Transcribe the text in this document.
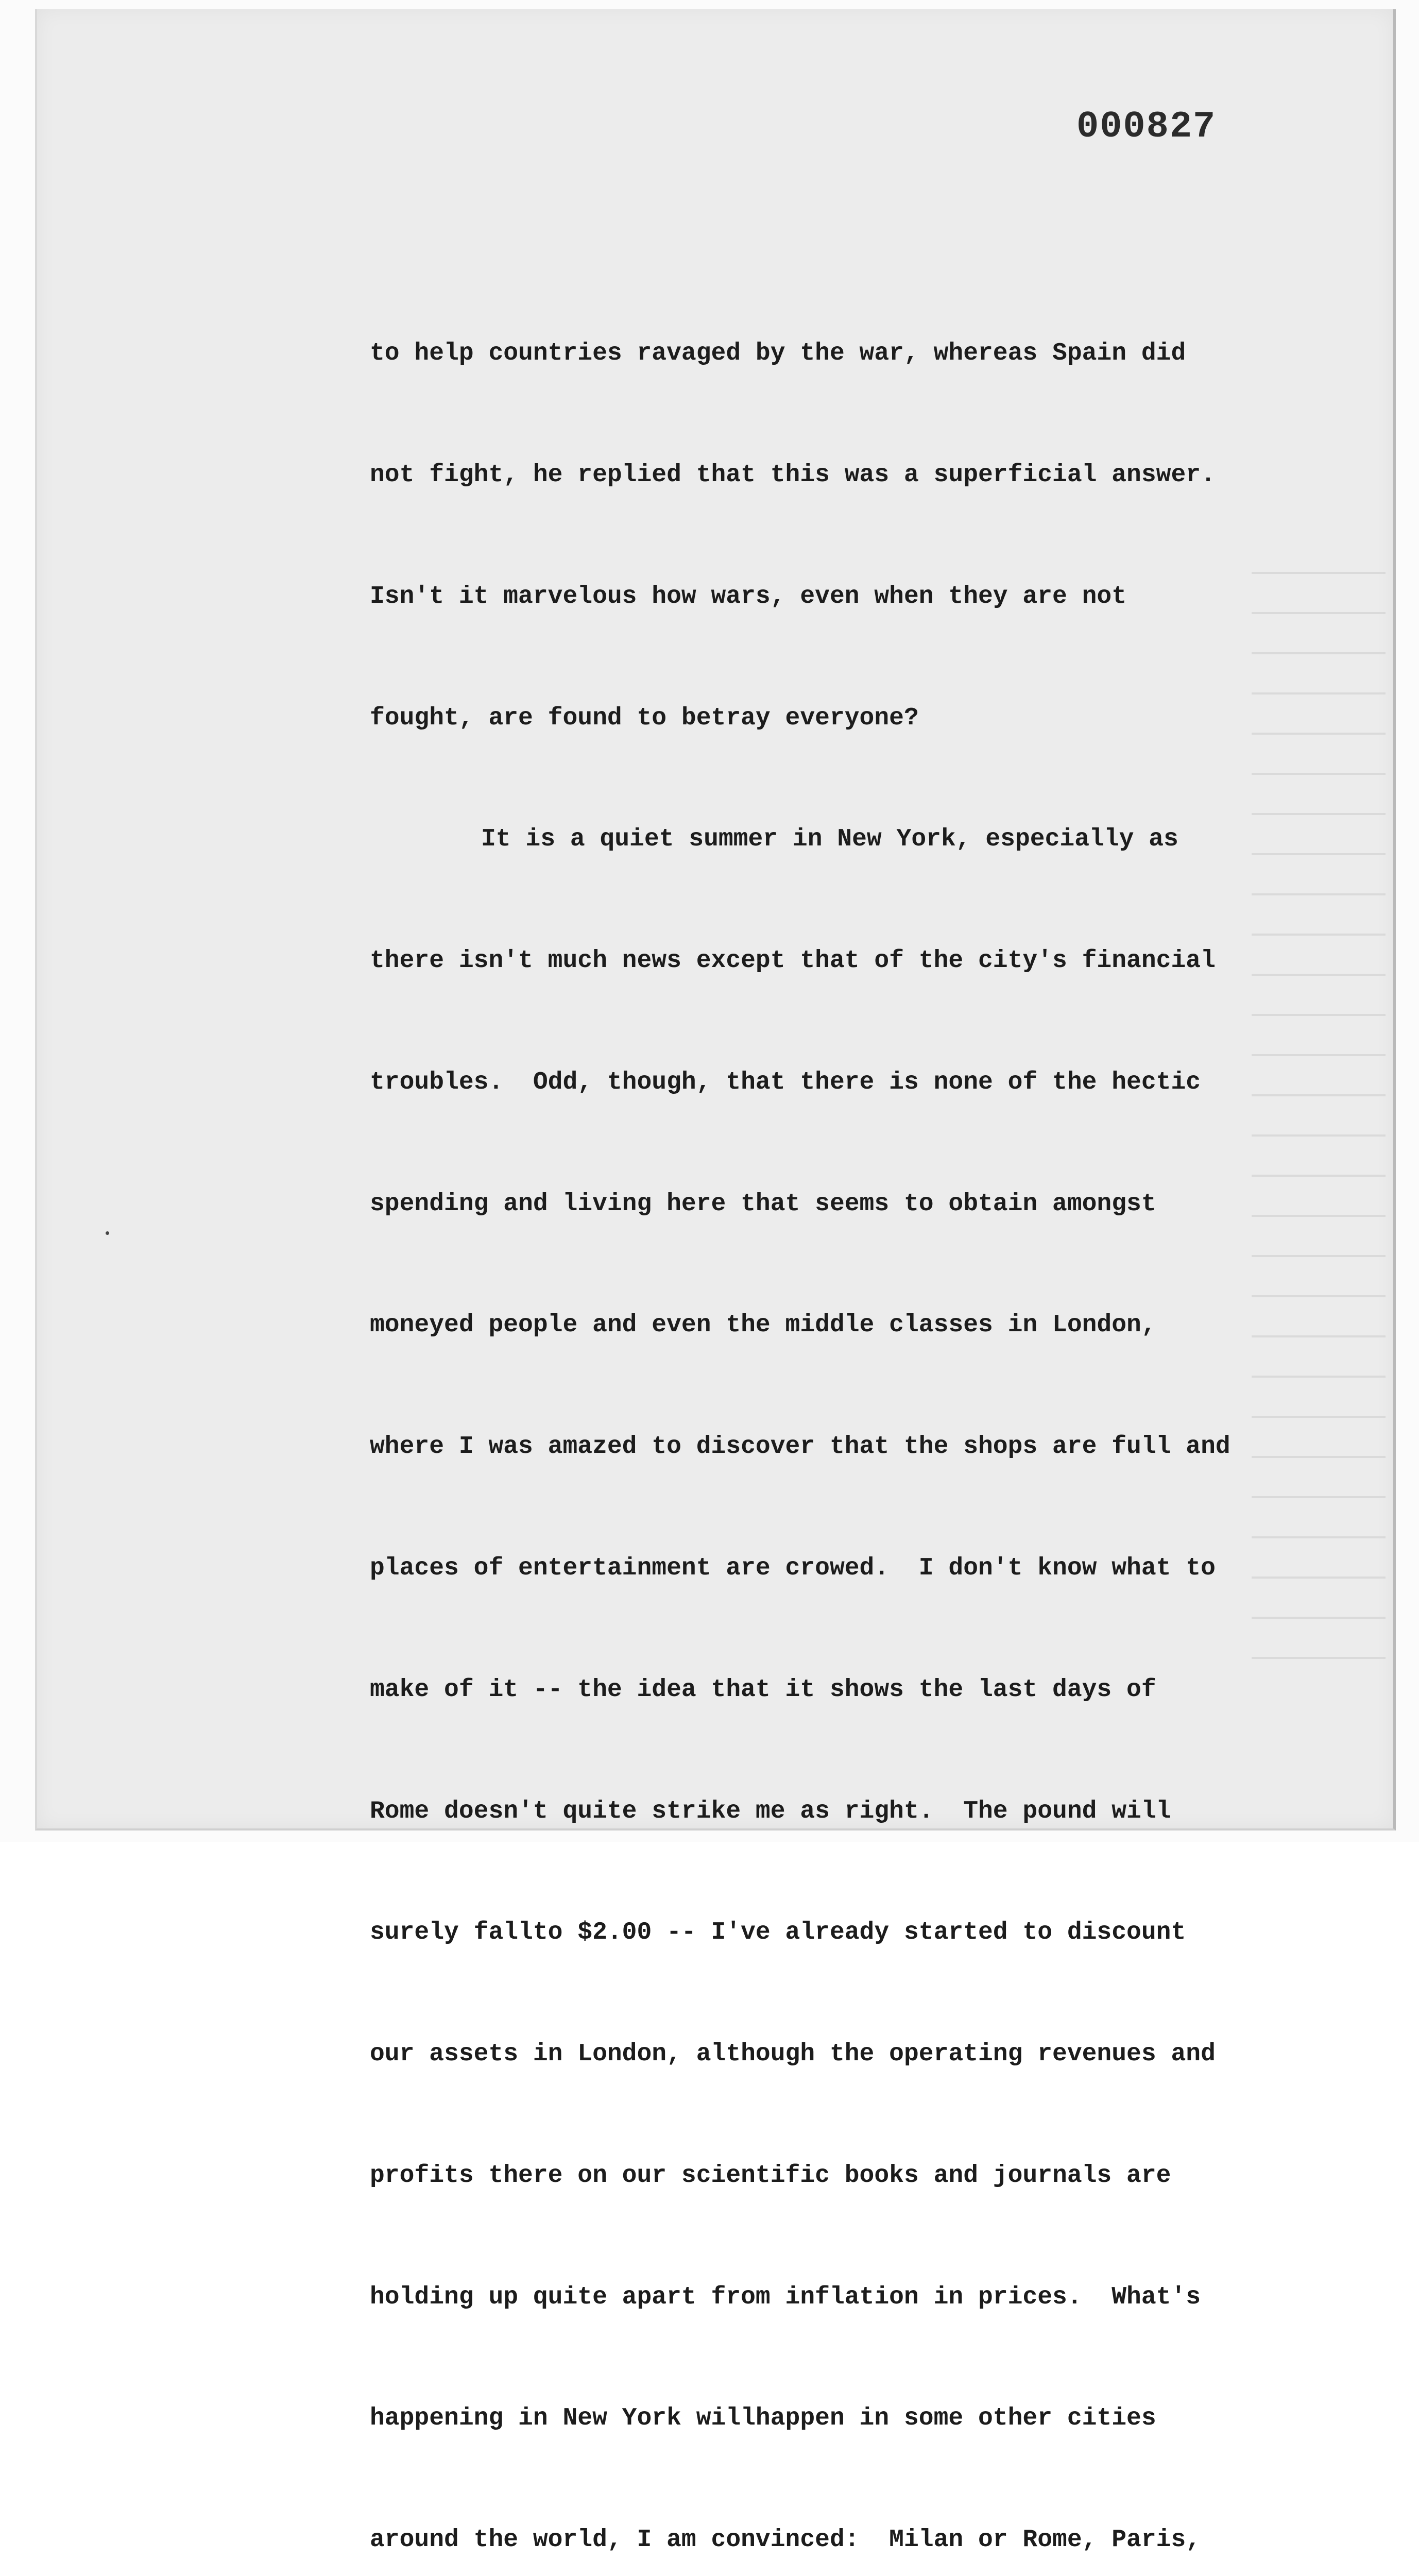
000827

to help countries ravaged by the war, whereas Spain did

not fight, he replied that this was a superficial answer.

Isn't it marvelous how wars, even when they are not

fought, are found to betray everyone?

It is a quiet summer in New York, especially as

there isn't much news except that of the city's financial

troubles.  Odd, though, that there is none of the hectic

spending and living here that seems to obtain amongst

moneyed people and even the middle classes in London,

where I was amazed to discover that the shops are full and

places of entertainment are crowed.  I don't know what to

make of it -- the idea that it shows the last days of

Rome doesn't quite strike me as right.  The pound will

surely fallto $2.00 -- I've already started to discount

our assets in London, although the operating revenues and

profits there on our scientific books and journals are

holding up quite apart from inflation in prices.  What's

happening in New York willhappen in some other cities

around the world, I am convinced:  Milan or Rome, Paris,
